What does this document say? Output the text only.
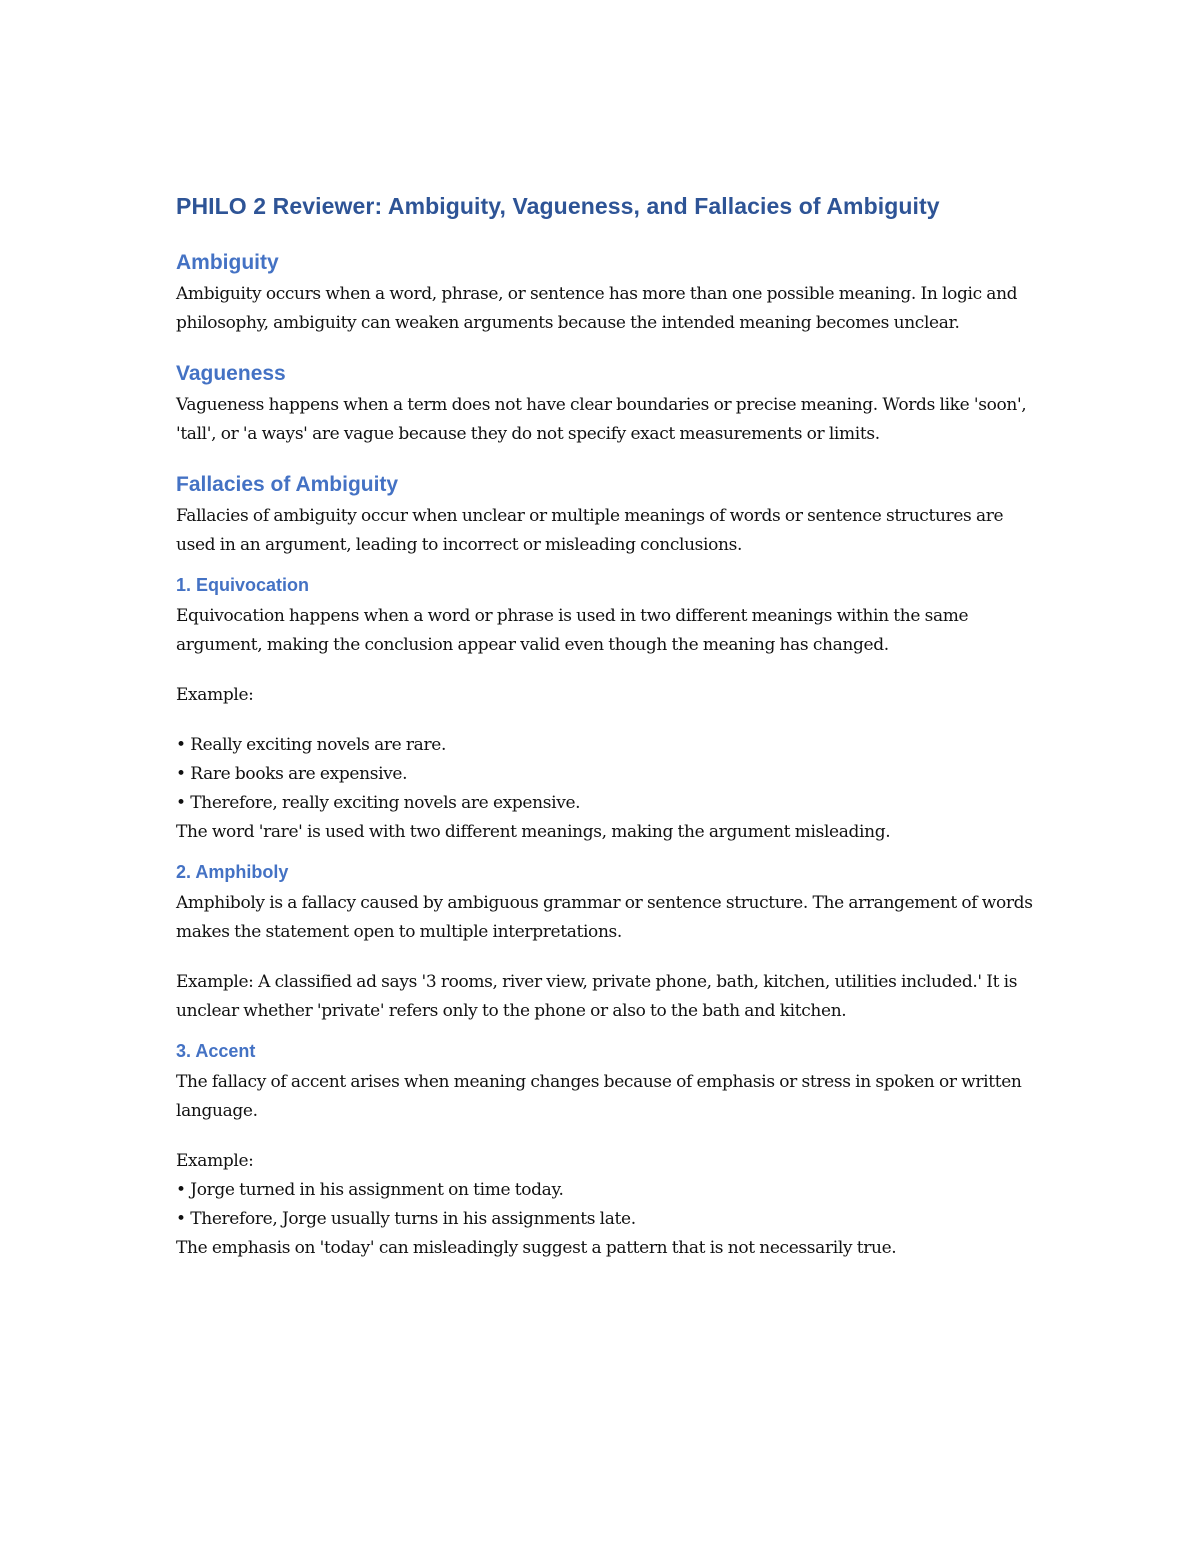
PHILO 2 Reviewer: Ambiguity, Vagueness, and Fallacies of Ambiguity
Ambiguity

Ambiguity occurs when a word, phrase, or sentence has more than one possible meaning. In logic and philosophy, ambiguity can weaken arguments because the intended meaning becomes unclear.

Vagueness

Vagueness happens when a term does not have clear boundaries or precise meaning. Words like 'soon', 'tall', or 'a ways' are vague because they do not specify exact measurements or limits.

Fallacies of Ambiguity

Fallacies of ambiguity occur when unclear or multiple meanings of words or sentence structures are used in an argument, leading to incorrect or misleading conclusions.

1. Equivocation

Equivocation happens when a word or phrase is used in two different meanings within the same argument, making the conclusion appear valid even though the meaning has changed.

Example:

• Really exciting novels are rare.
• Rare books are expensive.
• Therefore, really exciting novels are expensive.

The word 'rare' is used with two different meanings, making the argument misleading.

2. Amphiboly

Amphiboly is a fallacy caused by ambiguous grammar or sentence structure. The arrangement of words makes the statement open to multiple interpretations.

Example: A classified ad says '3 rooms, river view, private phone, bath, kitchen, utilities included.' It is unclear whether 'private' refers only to the phone or also to the bath and kitchen.

3. Accent

The fallacy of accent arises when meaning changes because of emphasis or stress in spoken or written language.

Example:

• Jorge turned in his assignment on time today.
• Therefore, Jorge usually turns in his assignments late.

The emphasis on 'today' can misleadingly suggest a pattern that is not necessarily true.
